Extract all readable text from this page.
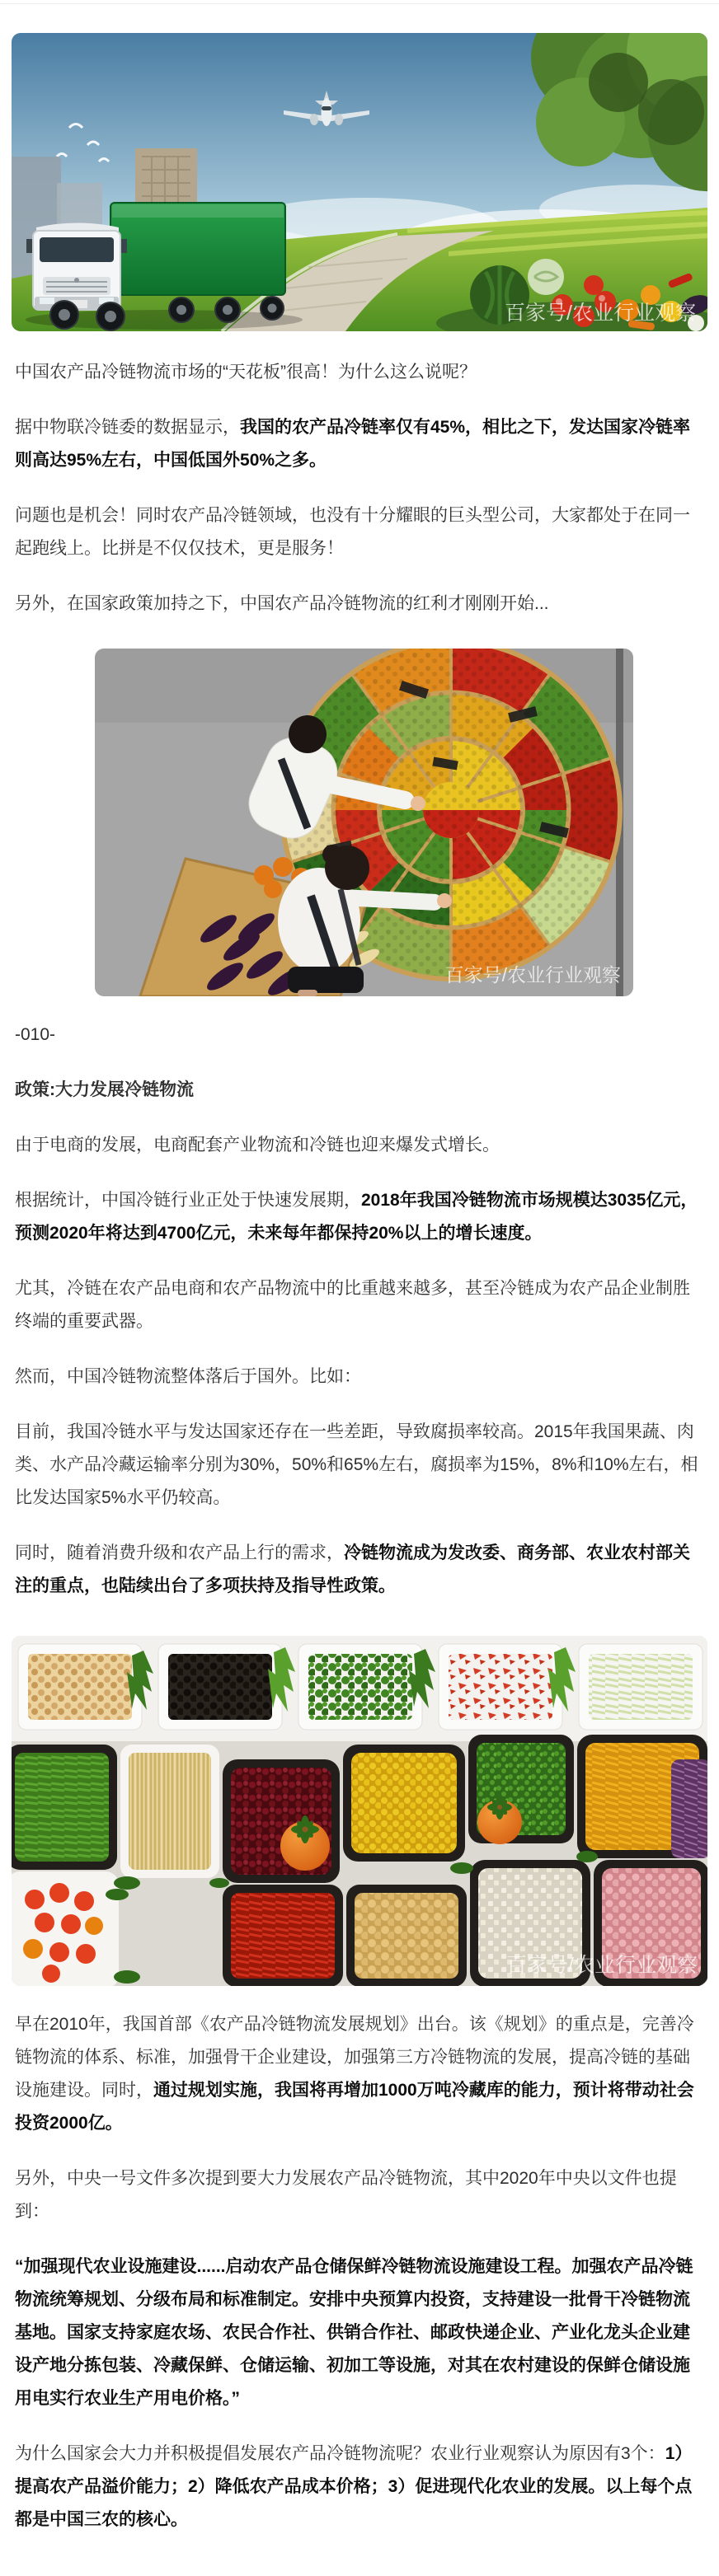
百家号/农业行业观察

中国农产品冷链物流市场的“天花板”很高！为什么这么说呢？

据中物联冷链委的数据显示，我国的农产品冷链率仅有45%，相比之下，发达国家冷链率则高达95%左右，中国低国外50%之多。

问题也是机会！同时农产品冷链领域，也没有十分耀眼的巨头型公司，大家都处于在同一起跑线上。比拼是不仅仅技术，更是服务！

另外，在国家政策加持之下，中国农产品冷链物流的红利才刚刚开始...

百家号/农业行业观察

-010-

政策:大力发展冷链物流

由于电商的发展，电商配套产业物流和冷链也迎来爆发式增长。

根据统计，中国冷链行业正处于快速发展期，2018年我国冷链物流市场规模达3035亿元，预测2020年将达到4700亿元，未来每年都保持20%以上的增长速度。

尤其，冷链在农产品电商和农产品物流中的比重越来越多，甚至冷链成为农产品企业制胜终端的重要武器。

然而，中国冷链物流整体落后于国外。比如：

目前，我国冷链水平与发达国家还存在一些差距，导致腐损率较高。2015年我国果蔬、肉类、水产品冷藏运输率分别为30%，50%和65%左右，腐损率为15%，8%和10%左右，相比发达国家5%水平仍较高。

同时，随着消费升级和农产品上行的需求，冷链物流成为发改委、商务部、农业农村部关注的重点，也陆续出台了多项扶持及指导性政策。

百家号/农业行业观察

早在2010年，我国首部《农产品冷链物流发展规划》出台。该《规划》的重点是，完善冷链物流的体系、标准，加强骨干企业建设，加强第三方冷链物流的发展，提高冷链的基础设施建设。同时，通过规划实施，我国将再增加1000万吨冷藏库的能力，预计将带动社会投资2000亿。

另外，中央一号文件多次提到要大力发展农产品冷链物流，其中2020年中央以文件也提到：

“加强现代农业设施建设......启动农产品仓储保鲜冷链物流设施建设工程。加强农产品冷链物流统筹规划、分级布局和标准制定。安排中央预算内投资，支持建设一批骨干冷链物流基地。国家支持家庭农场、农民合作社、供销合作社、邮政快递企业、产业化龙头企业建设产地分拣包装、冷藏保鲜、仓储运输、初加工等设施，对其在农村建设的保鲜仓储设施用电实行农业生产用电价格。”

为什么国家会大力并积极提倡发展农产品冷链物流呢？农业行业观察认为原因有3个：1）提高农产品溢价能力；2）降低农产品成本价格；3）促进现代化农业的发展。以上每个点都是中国三农的核心。
